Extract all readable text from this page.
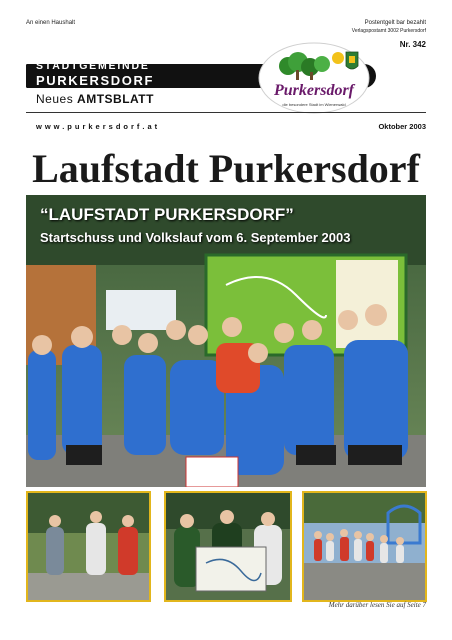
An einen Haushalt	Postentgelt bar bezahlt
Verlagspostamt 3002 Purkersdorf
Nr. 342
STADTGEMEINDE
PURKERSDORF
Neues AMTSBLATT	Purkersdorf
die besondere Stadt im Wienerwald
www.purkersdorf.at	Oktober 2003
Laufstadt Purkersdorf
“LAUFSTADT PURKERSDORF”
Startschuss und Volkslauf vom 6. September 2003
Mehr darüber lesen Sie auf Seite 7
